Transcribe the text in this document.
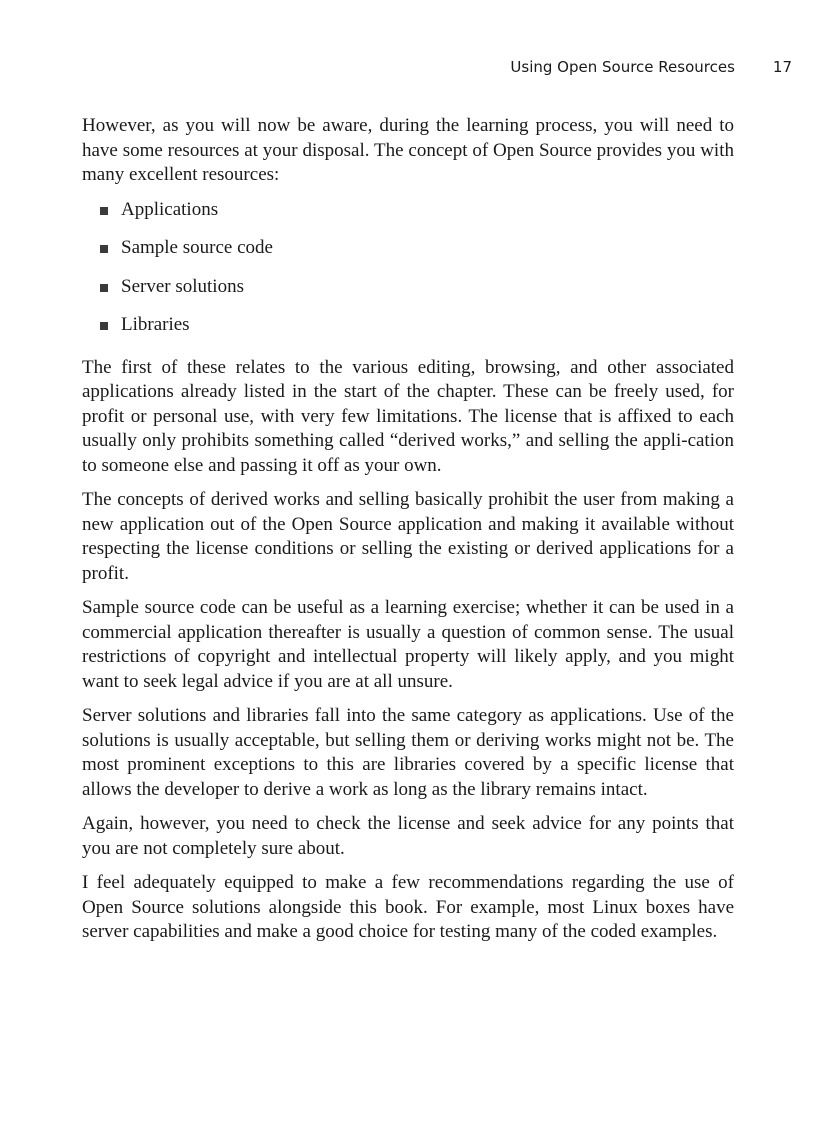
Using Open Source Resources	17

However, as you will now be aware, during the learning process, you will need to have some resources at your disposal. The concept of Open Source provides you with many excellent resources:

Applications
Sample source code
Server solutions
Libraries

The first of these relates to the various editing, browsing, and other associated applications already listed in the start of the chapter. These can be freely used, for profit or personal use, with very few limitations. The license that is affixed to each usually only prohibits something called “derived works,” and selling the appli-cation to someone else and passing it off as your own.

The concepts of derived works and selling basically prohibit the user from making a new application out of the Open Source application and making it available without respecting the license conditions or selling the existing or derived applications for a profit.

Sample source code can be useful as a learning exercise; whether it can be used in a commercial application thereafter is usually a question of common sense. The usual restrictions of copyright and intellectual property will likely apply, and you might want to seek legal advice if you are at all unsure.

Server solutions and libraries fall into the same category as applications. Use of the solutions is usually acceptable, but selling them or deriving works might not be. The most prominent exceptions to this are libraries covered by a specific license that allows the developer to derive a work as long as the library remains intact.

Again, however, you need to check the license and seek advice for any points that you are not completely sure about.

I feel adequately equipped to make a few recommendations regarding the use of Open Source solutions alongside this book. For example, most Linux boxes have server capabilities and make a good choice for testing many of the coded examples.
